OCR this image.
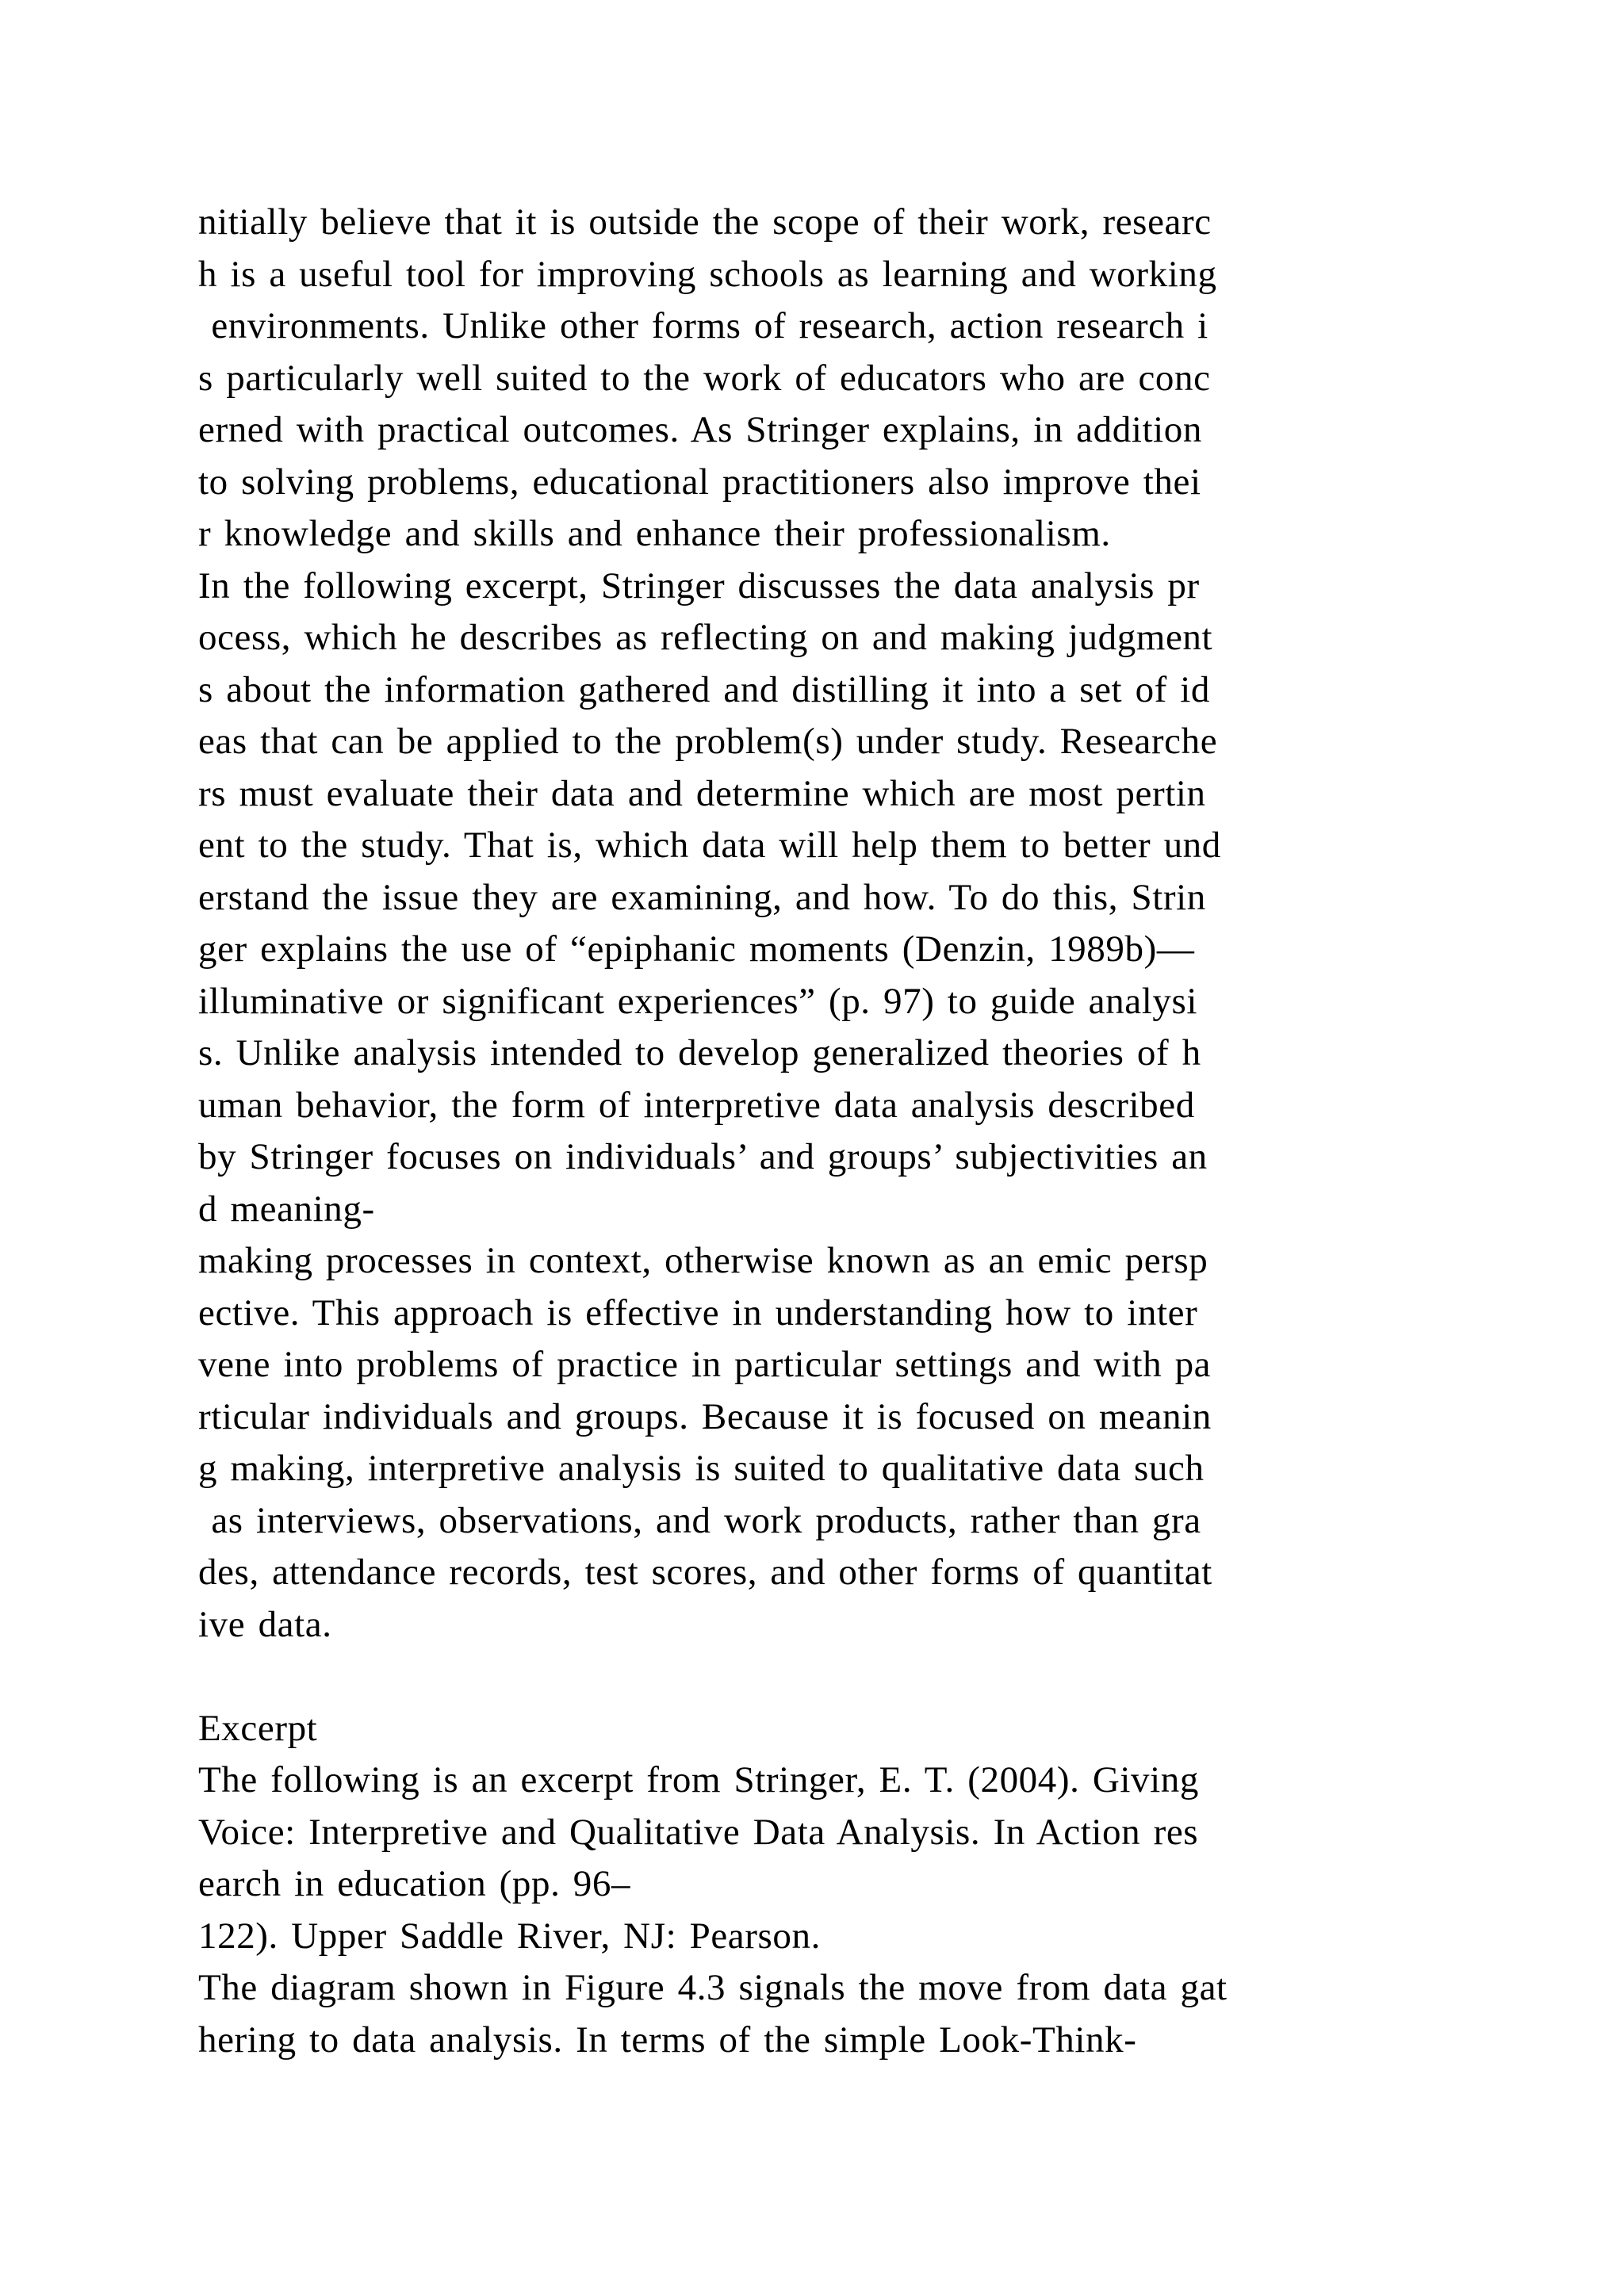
nitially believe that it is outside the scope of their work, researc
h is a useful tool for improving schools as learning and working
environments. Unlike other forms of research, action research i
s particularly well suited to the work of educators who are conc
erned with practical outcomes. As Stringer explains, in addition
to solving problems, educational practitioners also improve thei
r knowledge and skills and enhance their professionalism.
In the following excerpt, Stringer discusses the data analysis pr
ocess, which he describes as reflecting on and making judgment
s about the information gathered and distilling it into a set of id
eas that can be applied to the problem(s) under study. Researche
rs must evaluate their data and determine which are most pertin
ent to the study. That is, which data will help them to better und
erstand the issue they are examining, and how. To do this, Strin
ger explains the use of “epiphanic moments (Denzin, 1989b)—
illuminative or significant experiences” (p. 97) to guide analysi
s. Unlike analysis intended to develop generalized theories of h
uman behavior, the form of interpretive data analysis described
by Stringer focuses on individuals’ and groups’ subjectivities an
d meaning-
making processes in context, otherwise known as an emic persp
ective. This approach is effective in understanding how to inter
vene into problems of practice in particular settings and with pa
rticular individuals and groups. Because it is focused on meanin
g making, interpretive analysis is suited to qualitative data such
as interviews, observations, and work products, rather than gra
des, attendance records, test scores, and other forms of quantitat
ive data.
Excerpt
The following is an excerpt from Stringer, E. T. (2004). Giving
Voice: Interpretive and Qualitative Data Analysis. In Action res
earch in education (pp. 96–
122). Upper Saddle River, NJ: Pearson.
The diagram shown in Figure 4.3 signals the move from data gat
hering to data analysis. In terms of the simple Look-Think-
